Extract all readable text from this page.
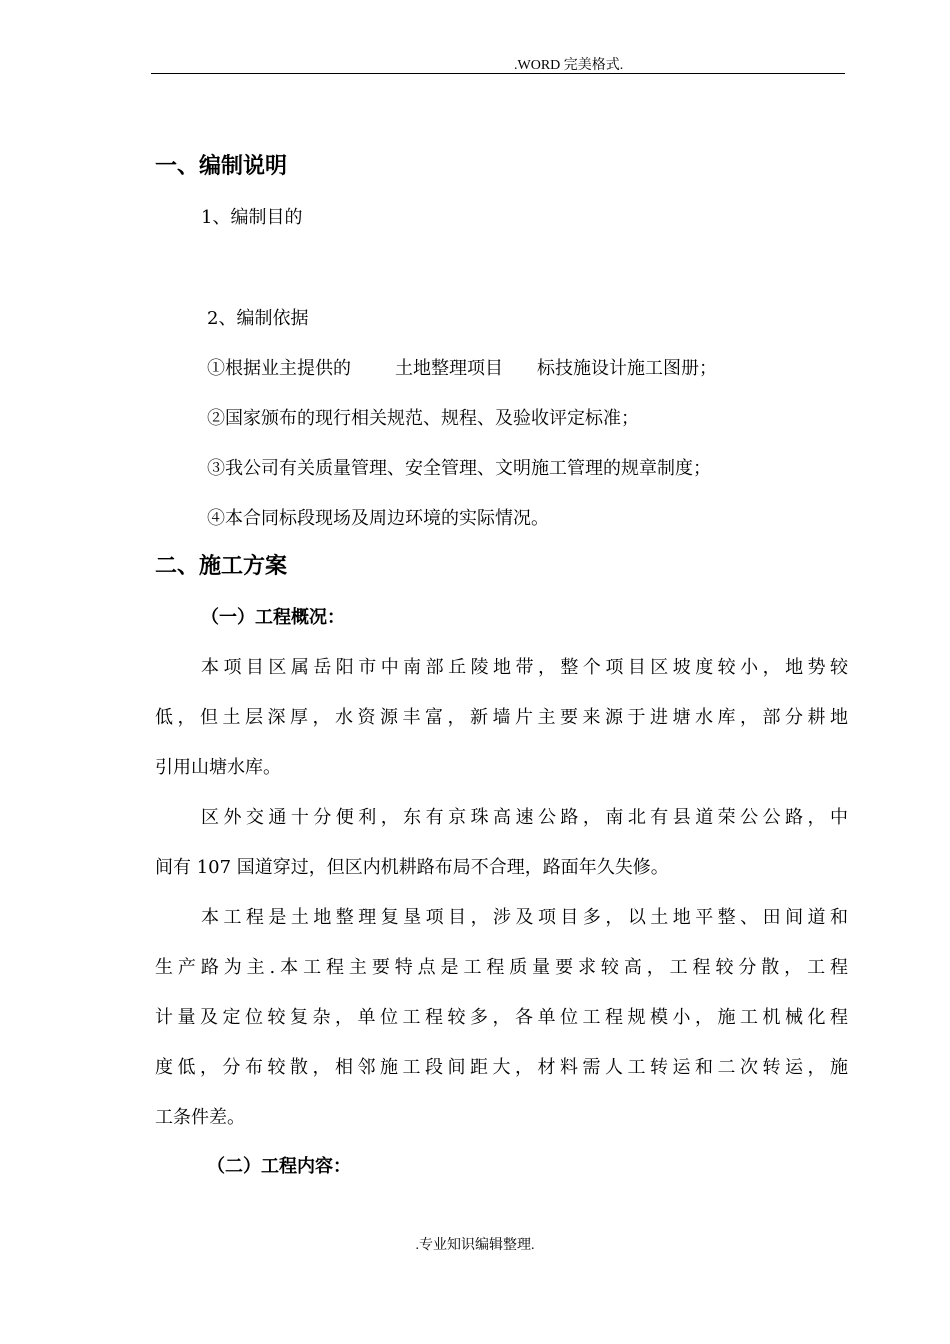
.WORD 完美格式.
一、编制说明
1、编制目的
2、编制依据
①根据业主提供的 土地整理项目 标技施设计施工图册；
②国家颁布的现行相关规范、规程、及验收评定标准；
③我公司有关质量管理、安全管理、文明施工管理的规章制度；
④本合同标段现场及周边环境的实际情况。
二、施工方案
（一）工程概况：
本项目区属岳阳市中南部丘陵地带，整个项目区坡度较小，地势较
低，但土层深厚，水资源丰富，新墙片主要来源于进塘水库，部分耕地
引用山塘水库。
区外交通十分便利，东有京珠高速公路，南北有县道荣公公路，中
间有 107 国道穿过，但区内机耕路布局不合理，路面年久失修。
本工程是土地整理复垦项目，涉及项目多，以土地平整、田间道和
生产路为主.本工程主要特点是工程质量要求较高，工程较分散，工程
计量及定位较复杂，单位工程较多，各单位工程规模小，施工机械化程
度低，分布较散，相邻施工段间距大，材料需人工转运和二次转运，施
工条件差。
（二）工程内容：
.专业知识编辑整理.
